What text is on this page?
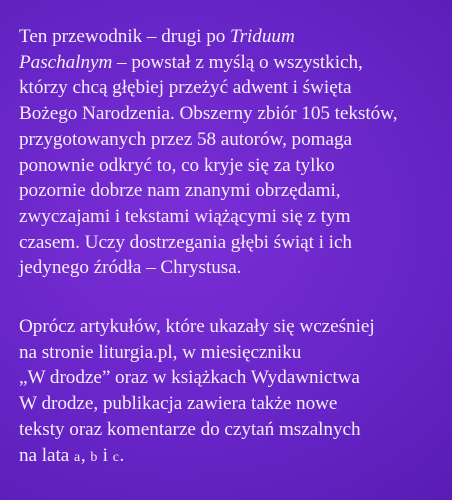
Ten przewodnik – drugi po Triduum
Paschalnym – powstał z myślą o wszystkich,
którzy chcą głębiej przeżyć adwent i święta
Bożego Narodzenia. Obszerny zbiór 105 tekstów,
przygotowanych przez 58 autorów, pomaga
ponownie odkryć to, co kryje się za tylko
pozornie dobrze nam znanymi obrzędami,
zwyczajami i tekstami wiążącymi się z tym
czasem. Uczy dostrzegania głębi świąt i ich
jedynego źródła – Chrystusa.

Oprócz artykułów, które ukazały się wcześniej
na stronie liturgia.pl, w miesięczniku
„W drodze” oraz w książkach Wydawnictwa
W drodze, publikacja zawiera także nowe
teksty oraz komentarze do czytań mszalnych
na lata a, b i c.
